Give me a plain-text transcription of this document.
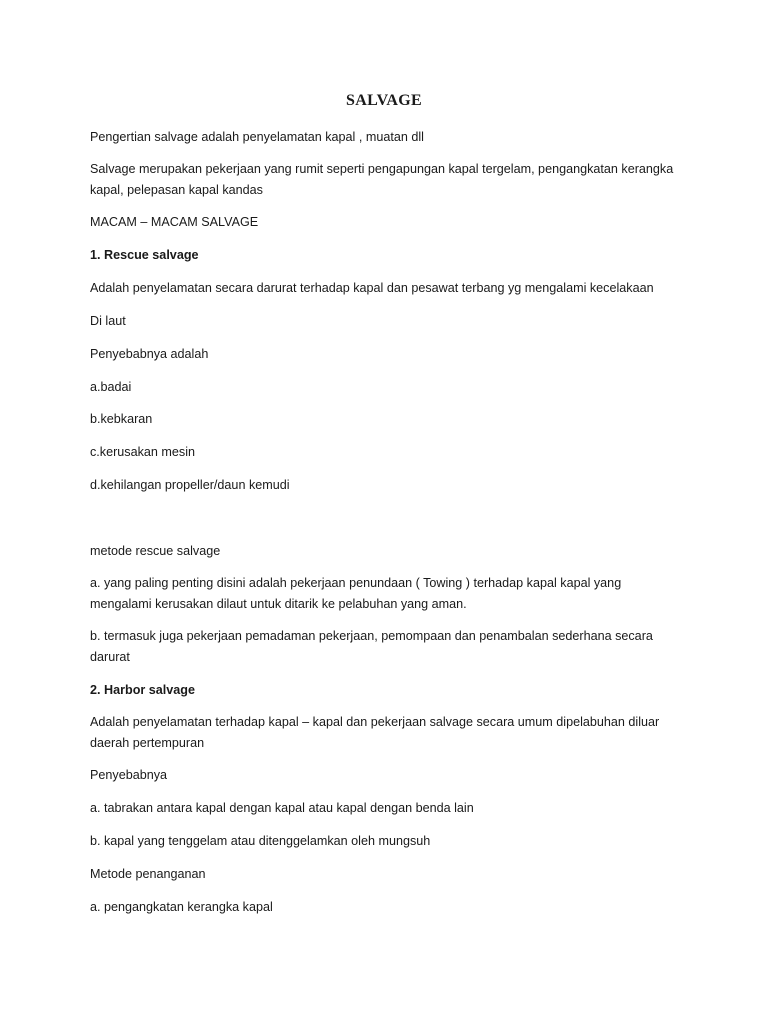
SALVAGE
Pengertian salvage adalah penyelamatan kapal , muatan dll
Salvage merupakan pekerjaan yang rumit seperti pengapungan kapal tergelam, pengangkatan kerangka kapal, pelepasan kapal kandas
MACAM – MACAM SALVAGE
1. Rescue salvage
Adalah penyelamatan secara darurat terhadap kapal dan pesawat terbang yg mengalami kecelakaan
Di laut
Penyebabnya adalah
a.badai
b.kebkaran
c.kerusakan mesin
d.kehilangan propeller/daun kemudi
metode rescue salvage
a. yang paling penting disini adalah pekerjaan penundaan ( Towing ) terhadap kapal kapal yang mengalami kerusakan dilaut untuk ditarik ke pelabuhan yang aman.
b. termasuk juga pekerjaan pemadaman pekerjaan, pemompaan dan penambalan sederhana secara darurat
2. Harbor salvage
Adalah penyelamatan terhadap kapal – kapal dan pekerjaan salvage secara umum dipelabuhan diluar daerah pertempuran
Penyebabnya
a. tabrakan antara kapal dengan kapal atau kapal dengan benda lain
b. kapal yang tenggelam atau ditenggelamkan oleh mungsuh
Metode penanganan
a. pengangkatan kerangka kapal
